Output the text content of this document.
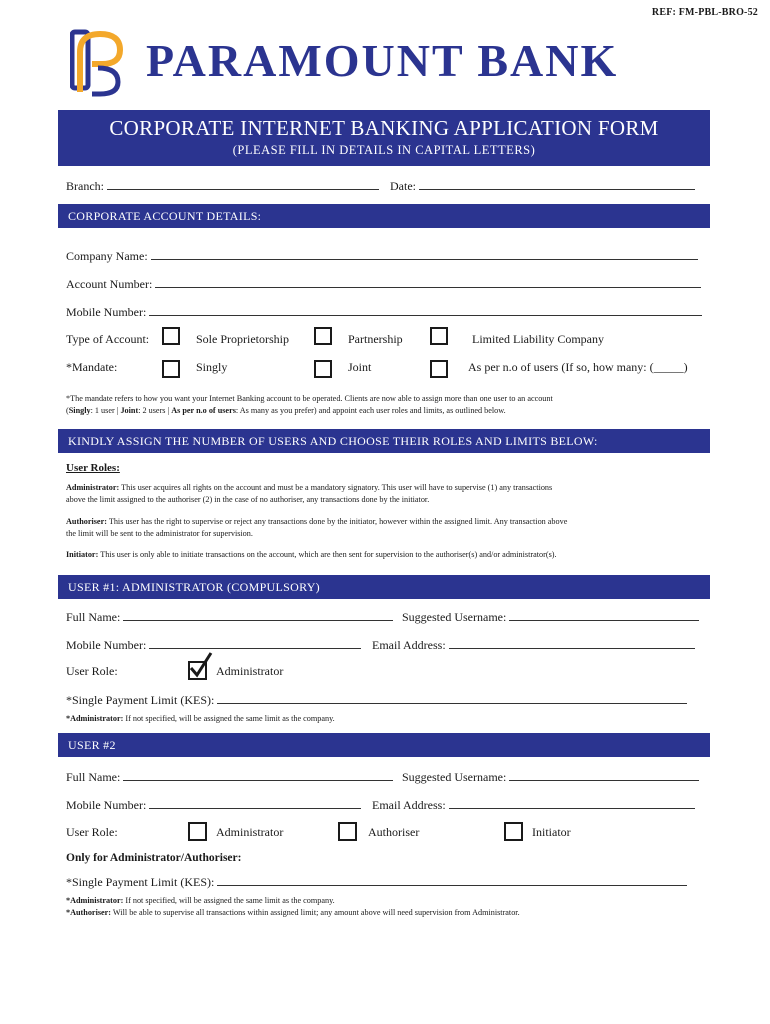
REF: FM-PBL-BRO-52
PARAMOUNT BANK
CORPORATE INTERNET BANKING APPLICATION FORM
(PLEASE FILL IN DETAILS IN CAPITAL LETTERS)
Branch:	Date:
CORPORATE ACCOUNT DETAILS:
Company Name:
Account Number:
Mobile Number:
Type of Account:	Sole Proprietorship	Partnership	Limited Liability Company
*Mandate:	Singly	Joint	As per n.o of users (If so, how many: (_____)
*The mandate refers to how you want your Internet Banking account to be operated. Clients are now able to assign more than one user to an account
(Singly: 1 user | Joint: 2 users | As per n.o of users: As many as you prefer) and appoint each user roles and limits, as outlined below.
KINDLY ASSIGN THE NUMBER OF USERS AND CHOOSE THEIR ROLES AND LIMITS BELOW:
User Roles:
Administrator: This user acquires all rights on the account and must be a mandatory signatory. This user will have to supervise (1) any transactions
above the limit assigned to the authoriser (2) in the case of no authoriser, any transactions done by the initiator.
Authoriser: This user has the right to supervise or reject any transactions done by the initiator, however within the assigned limit. Any transaction above
the limit will be sent to the administrator for supervision.
Initiator: This user is only able to initiate transactions on the account, which are then sent for supervision to the authoriser(s) and/or administrator(s).
USER #1: ADMINISTRATOR (COMPULSORY)
Full Name:	Suggested Username:
Mobile Number:	Email Address:
User Role:	Administrator
*Single Payment Limit (KES):
*Administrator: If not specified, will be assigned the same limit as the company.
USER #2
Full Name:	Suggested Username:
Mobile Number:	Email Address:
User Role:	Administrator	Authoriser	Initiator
Only for Administrator/Authoriser:
*Single Payment Limit (KES):
*Administrator: If not specified, will be assigned the same limit as the company.
*Authoriser: Will be able to supervise all transactions within assigned limit; any amount above will need supervision from Administrator.
